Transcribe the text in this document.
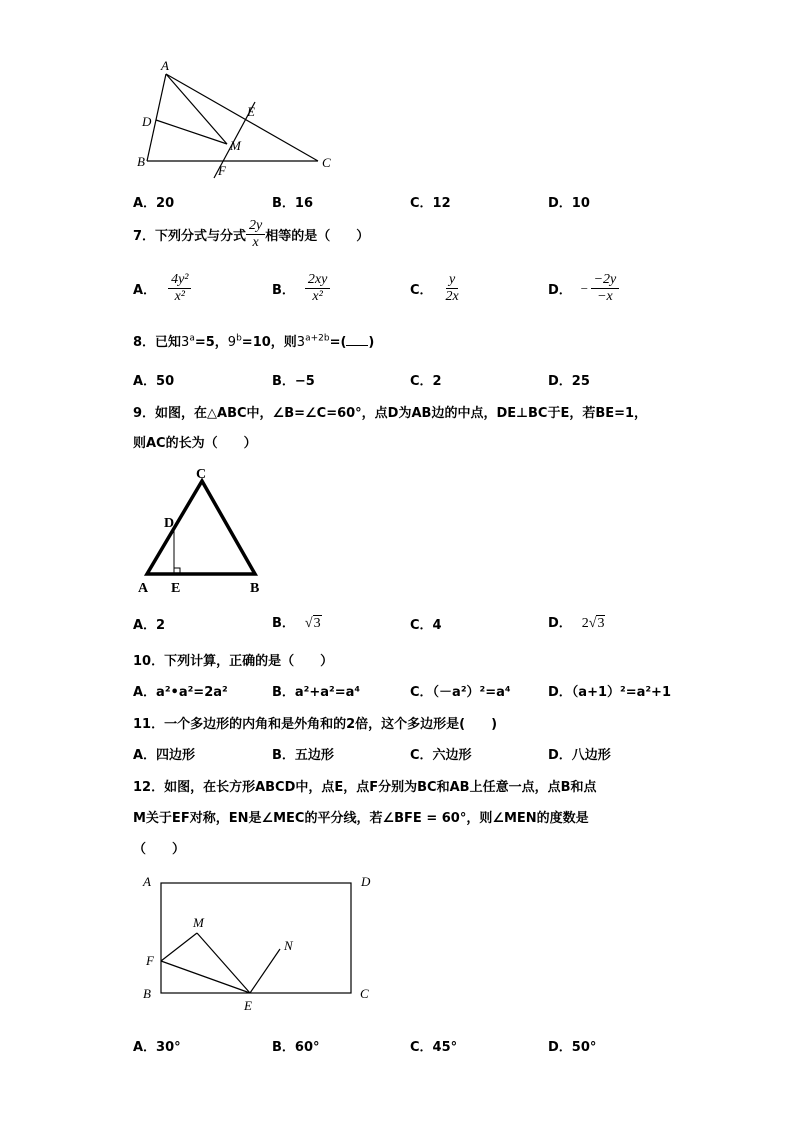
A
D
B	C
E
M
F
A．20	B．16	C．12	D．10
7．下列分式与分式 $\frac{2y}{x}$ 相等的是（　　）
A． $\frac{\text{4y²}}{\text{x²}}$	B． $\frac{2xy}{\text{x²}}$	C． $\frac{y}{2x}$	D． − $\frac{-2y}{-x}$
8．已知$3^a=5$，$9^b=10$，则$3^{a+2b}=$( )
A．50	B．−5	C．2	D．25
9．如图，在△ABC中，∠B=∠C=60°，点D为AB边的中点，DE⊥BC于E，若BE=1，
则AC的长为（　　）
C
D
A E	B
A．2	B． √3	C．4	D． 2√3
10．下列计算，正确的是（　　）
A．a²•a²=2a²	B．a²+a²=a⁴	C．（－a²）²=a⁴	D．（a+1）²=a²+1
11．一个多边形的内角和是外角和的2倍，这个多边形是(　　)
A．四边形	B．五边形	C．六边形	D．八边形
12．如图，在长方形ABCD中，点E，点F分别为BC和AB上任意一点，点B和点
M关于EF对称，EN是∠MEC的平分线，若∠BFE = 60°，则∠MEN的度数是
（　　）
A	D
M
N
F
B	C
E
A．30°	B．60°	C．45°	D．50°
